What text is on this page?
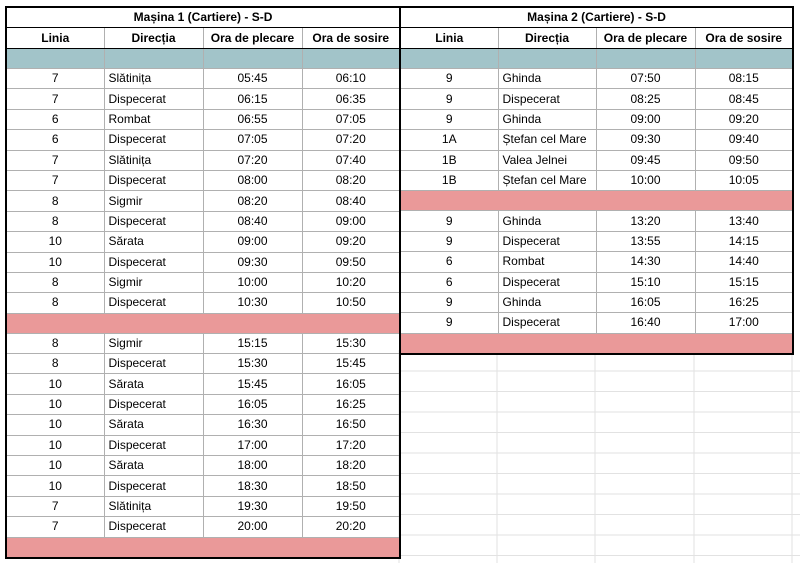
Mașina 1 (Cartiere) - S-D			
Linia	Direcția	Ora de plecare	Ora de sosire

7	Slătinița	05:45	06:10
7	Dispecerat	06:15	06:35
6	Rombat	06:55	07:05
6	Dispecerat	07:05	07:20
7	Slătinița	07:20	07:40
7	Dispecerat	08:00	08:20
8	Sigmir	08:20	08:40
8	Dispecerat	08:40	09:00
10	Sărata	09:00	09:20
10	Dispecerat	09:30	09:50
8	Sigmir	10:00	10:20
8	Dispecerat	10:30	10:50

8	Sigmir	15:15	15:30
8	Dispecerat	15:30	15:45
10	Sărata	15:45	16:05
10	Dispecerat	16:05	16:25
10	Sărata	16:30	16:50
10	Dispecerat	17:00	17:20
10	Sărata	18:00	18:20
10	Dispecerat	18:30	18:50
7	Slătinița	19:30	19:50
7	Dispecerat	20:00	20:20

Mașina 2 (Cartiere) - S-D			
Linia	Direcția	Ora de plecare	Ora de sosire

9	Ghinda	07:50	08:15
9	Dispecerat	08:25	08:45
9	Ghinda	09:00	09:20
1A	Ștefan cel Mare	09:30	09:40
1B	Valea Jelnei	09:45	09:50
1B	Ștefan cel Mare	10:00	10:05

9	Ghinda	13:20	13:40
9	Dispecerat	13:55	14:15
6	Rombat	14:30	14:40
6	Dispecerat	15:10	15:15
9	Ghinda	16:05	16:25
9	Dispecerat	16:40	17:00
